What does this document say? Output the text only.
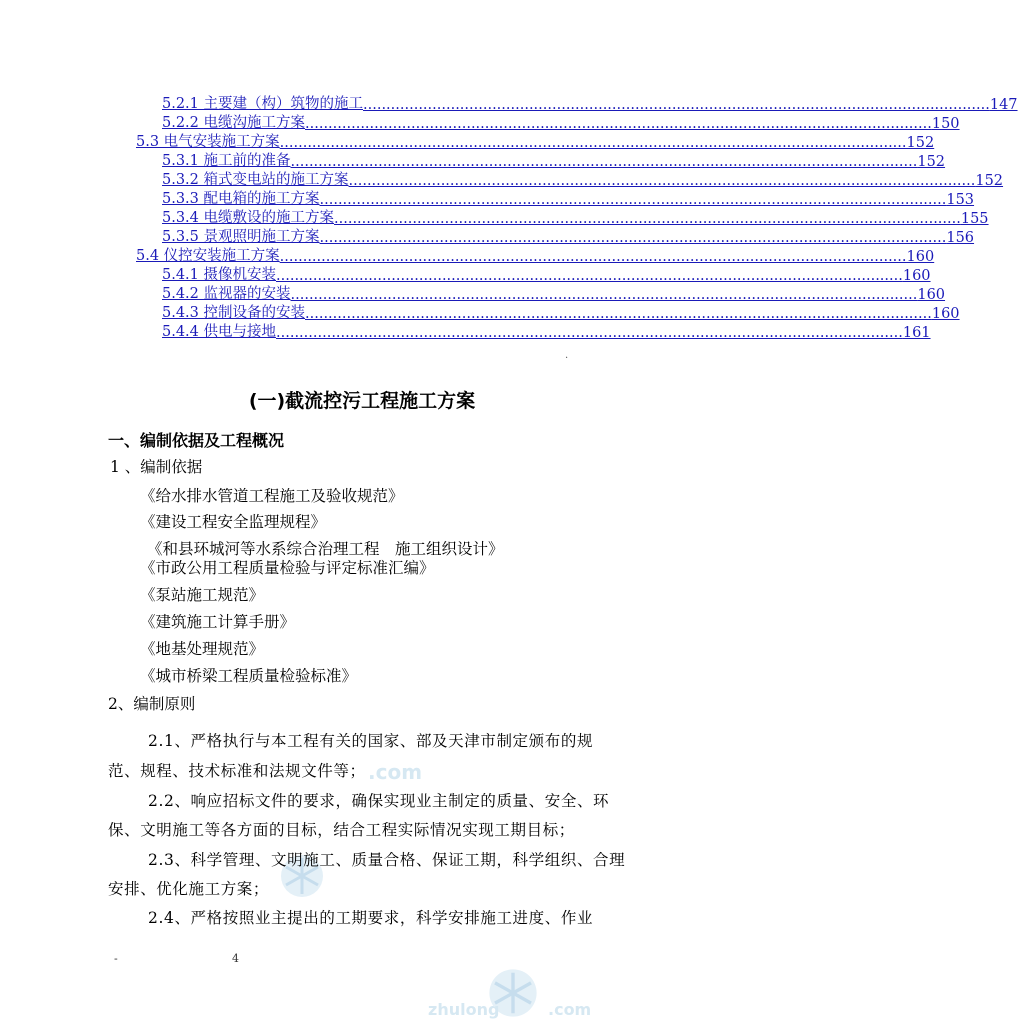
5.2.1 主要建（构）筑物的施工 ........................................................................................................................................ 147
5.2.2 电缆沟施工方案 ........................................................................................................................................ 150
5.3 电气安装施工方案 ........................................................................................................................................ 152
5.3.1 施工前的准备 ........................................................................................................................................ 152
5.3.2 箱式变电站的施工方案 ........................................................................................................................................ 152
5.3.3 配电箱的施工方案 ........................................................................................................................................ 153
5.3.4 电缆敷设的施工方案 ........................................................................................................................................ 155
5.3.5 景观照明施工方案 ........................................................................................................................................ 156
5.4 仪控安装施工方案 ........................................................................................................................................ 160
5.4.1 摄像机安装 ........................................................................................................................................ 160
5.4.2 监视器的安装 ........................................................................................................................................ 160
5.4.3 控制设备的安装 ........................................................................................................................................ 160
5.4.4 供电与接地 ........................................................................................................................................ 161
.
.com
zhulong	.com
(一)截流控污工程施工方案
一、编制依据及工程概况
1 、编制依据
《给水排水管道工程施工及验收规范》
《建设工程安全监理规程》
《和县环城河等水系综合治理工程　施工组织设计》
《市政公用工程质量检验与评定标准汇编》
《泵站施工规范》
《建筑施工计算手册》
《地基处理规范》
《城市桥梁工程质量检验标准》
2、编制原则
2.1、严格执行与本工程有关的国家、部及天津市制定颁布的规
范、规程、技术标准和法规文件等；
2.2、响应招标文件的要求，确保实现业主制定的质量、安全、环
保、文明施工等各方面的目标，结合工程实际情况实现工期目标；
2.3、科学管理、文明施工、质量合格、保证工期，科学组织、合理
安排、优化施工方案；
2.4、严格按照业主提出的工期要求，科学安排施工进度、作业
-	4
